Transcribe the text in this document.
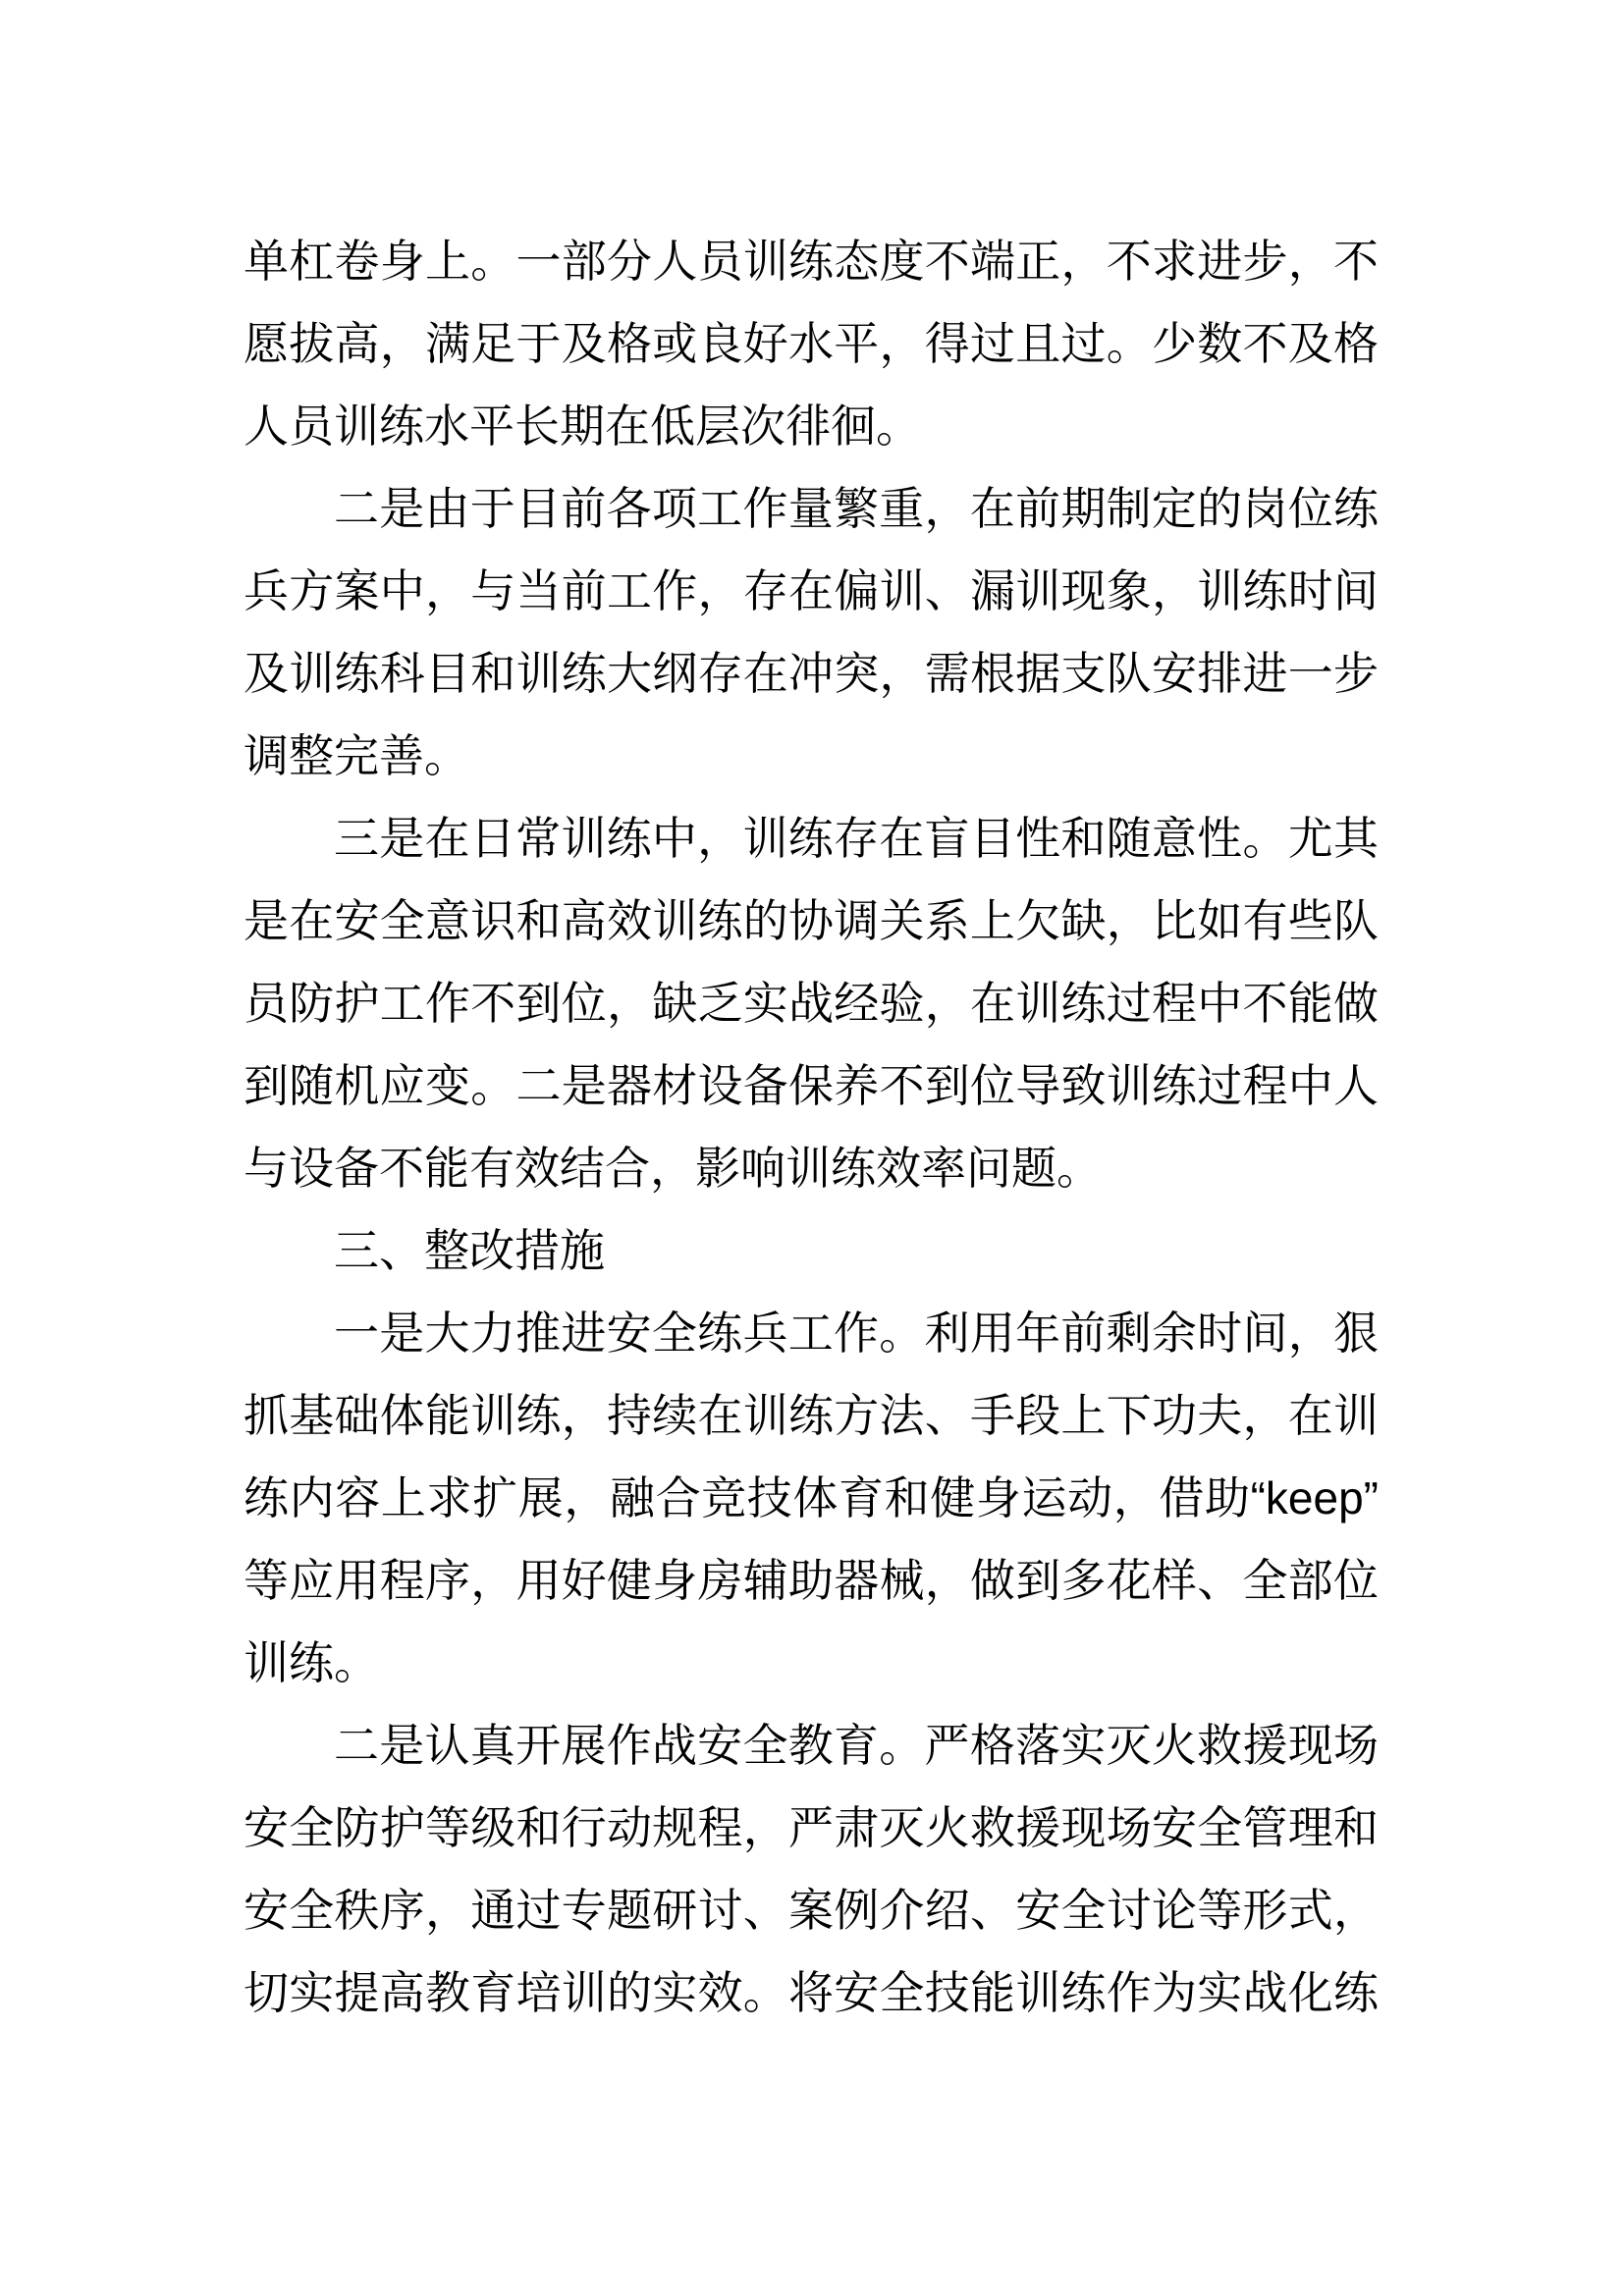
单杠卷身上。一部分人员训练态度不端正，不求进步，不
愿拔高，满足于及格或良好水平，得过且过。少数不及格
人员训练水平长期在低层次徘徊。
二是由于目前各项工作量繁重，在前期制定的岗位练
兵方案中，与当前工作，存在偏训、漏训现象，训练时间
及训练科目和训练大纲存在冲突，需根据支队安排进一步
调整完善。
三是在日常训练中，训练存在盲目性和随意性。尤其
是在安全意识和高效训练的协调关系上欠缺，比如有些队
员防护工作不到位，缺乏实战经验，在训练过程中不能做
到随机应变。二是器材设备保养不到位导致训练过程中人
与设备不能有效结合，影响训练效率问题。
三、整改措施
一是大力推进安全练兵工作。利用年前剩余时间，狠
抓基础体能训练，持续在训练方法、手段上下功夫，在训
练内容上求扩展，融合竞技体育和健身运动，借助“keep”
等应用程序，用好健身房辅助器械，做到多花样、全部位
训练。
二是认真开展作战安全教育。严格落实灭火救援现场
安全防护等级和行动规程，严肃灭火救援现场安全管理和
安全秩序，通过专题研讨、案例介绍、安全讨论等形式，
切实提高教育培训的实效。将安全技能训练作为实战化练
